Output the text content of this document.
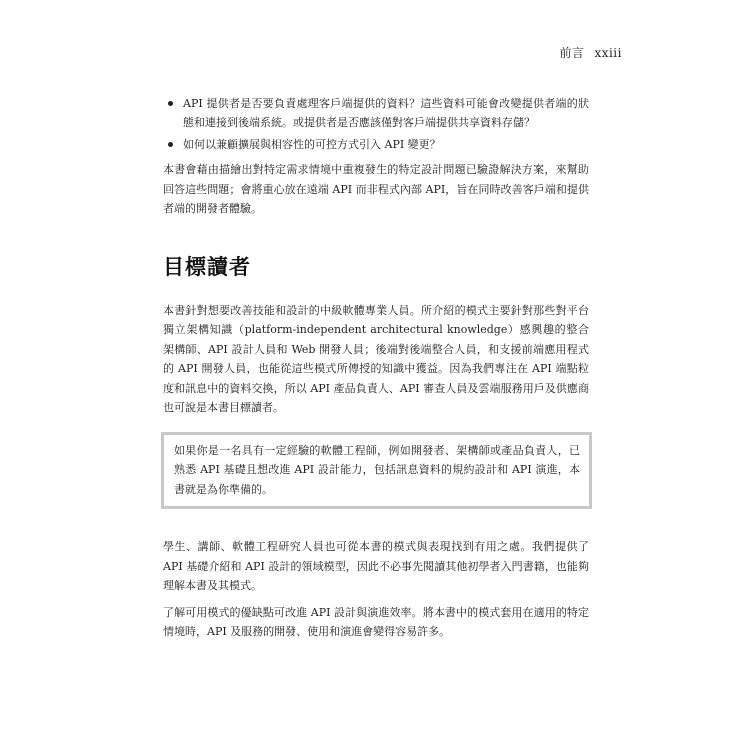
前言 xxiii
API 提供者是否要負責處理客戶端提供的資料？這些資料可能會改變提供者端的狀態和連接到後端系統。或提供者是否應該僅對客戶端提供共享資料存儲？
如何以兼顧擴展與相容性的可控方式引入 API 變更？

本書會藉由描繪出對特定需求情境中重複發生的特定設計問題已驗證解決方案，來幫助回答這些問題；會將重心放在遠端 API 而非程式內部 API，旨在同時改善客戶端和提供者端的開發者體驗。

目標讀者

本書針對想要改善技能和設計的中級軟體專業人員。所介紹的模式主要針對那些對平台獨立架構知識（platform-independent architectural knowledge）感興趣的整合架構師、API 設計人員和 Web 開發人員；後端對後端整合人員，和支援前端應用程式的 API 開發人員，也能從這些模式所傳授的知識中獲益。因為我們專注在 API 端點粒度和訊息中的資料交換，所以 API 產品負責人、API 審查人員及雲端服務用戶及供應商也可說是本書目標讀者。

如果你是一名具有一定經驗的軟體工程師，例如開發者、架構師或產品負責人，已熟悉 API 基礎且想改進 API 設計能力，包括訊息資料的規約設計和 API 演進，本書就是為你準備的。

學生、講師、軟體工程研究人員也可從本書的模式與表現找到有用之處。我們提供了 API 基礎介紹和 API 設計的領域模型，因此不必事先閱讀其他初學者入門書籍，也能夠理解本書及其模式。

了解可用模式的優缺點可改進 API 設計與演進效率。將本書中的模式套用在適用的特定情境時，API 及服務的開發、使用和演進會變得容易許多。
